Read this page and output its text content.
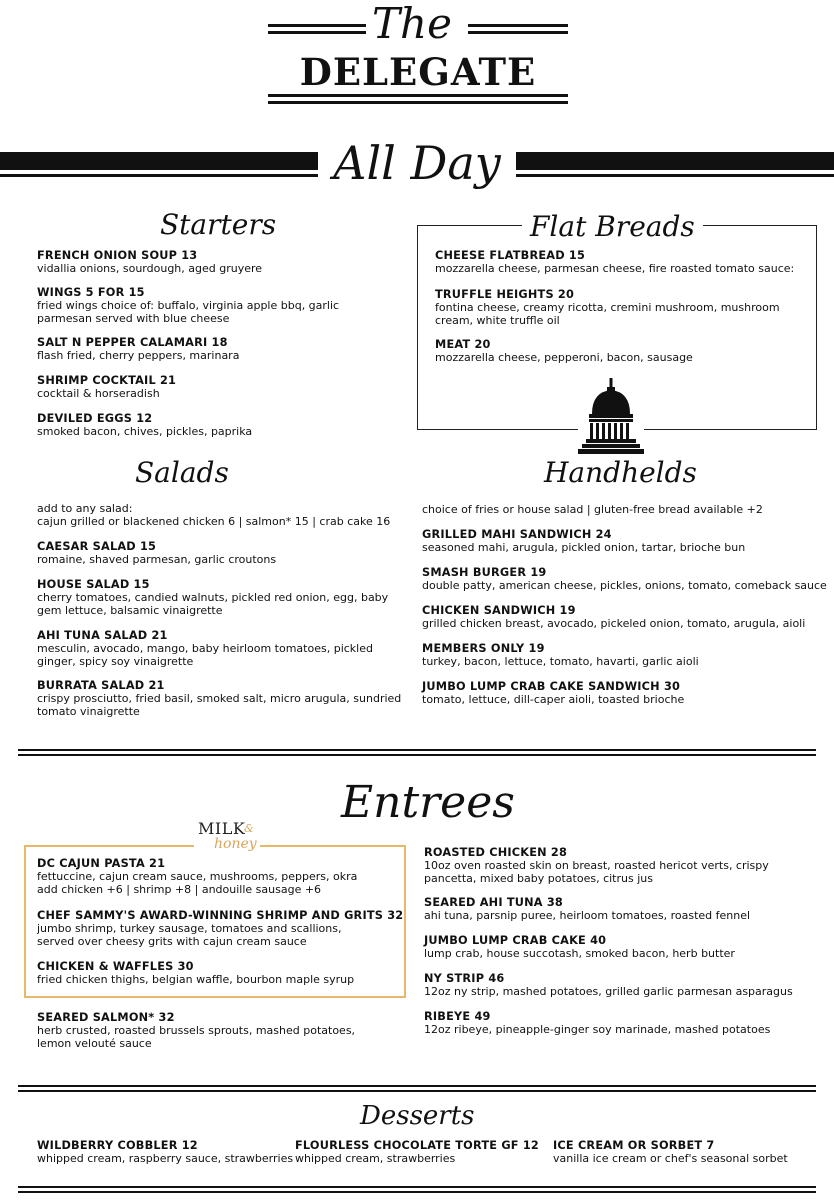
The
DELEGATE
All Day
Starters
FRENCH ONION SOUP 13
vidallia onions, sourdough, aged gruyere
WINGS 5 FOR 15
fried wings choice of: buffalo, virginia apple bbq, garlic parmesan served with blue cheese
SALT N PEPPER CALAMARI 18
flash fried, cherry peppers, marinara
SHRIMP COCKTAIL 21
cocktail & horseradish
DEVILED EGGS 12
smoked bacon, chives, pickles, paprika
Flat Breads
CHEESE FLATBREAD 15
mozzarella cheese, parmesan cheese, fire roasted tomato sauce:
TRUFFLE HEIGHTS 20
fontina cheese, creamy ricotta, cremini mushroom, mushroom cream, white truffle oil
MEAT 20
mozzarella cheese, pepperoni, bacon, sausage
Salads
add to any salad:
cajun grilled or blackened chicken 6 | salmon* 15 | crab cake 16
CAESAR SALAD 15
romaine, shaved parmesan, garlic croutons
HOUSE SALAD 15
cherry tomatoes, candied walnuts, pickled red onion, egg, baby gem lettuce, balsamic vinaigrette
AHI TUNA SALAD 21
mesculin, avocado, mango, baby heirloom tomatoes, pickled ginger, spicy soy vinaigrette
BURRATA SALAD 21
crispy prosciutto, fried basil, smoked salt, micro arugula, sundried tomato vinaigrette
Handhelds
choice of fries or house salad | gluten-free bread available +2
GRILLED MAHI SANDWICH 24
seasoned mahi, arugula, pickled onion, tartar, brioche bun
SMASH BURGER 19
double patty, american cheese, pickles, onions, tomato, comeback sauce
CHICKEN SANDWICH 19
grilled chicken breast, avocado, pickeled onion, tomato, arugula, aioli
MEMBERS ONLY 19
turkey, bacon, lettuce, tomato, havarti, garlic aioli
JUMBO LUMP CRAB CAKE SANDWICH 30
tomato, lettuce, dill-caper aioli, toasted brioche
Entrees
MILK
&
honey
DC CAJUN PASTA 21
fettuccine, cajun cream sauce, mushrooms, peppers, okra
add chicken +6 | shrimp +8 | andouille sausage +6
CHEF SAMMY'S AWARD-WINNING SHRIMP AND GRITS 32
jumbo shrimp, turkey sausage, tomatoes and scallions,
served over cheesy grits with cajun cream sauce
CHICKEN & WAFFLES 30
fried chicken thighs, belgian waffle, bourbon maple syrup
SEARED SALMON* 32
herb crusted, roasted brussels sprouts, mashed potatoes,
lemon velouté sauce
ROASTED CHICKEN 28
10oz oven roasted skin on breast, roasted hericot verts, crispy pancetta, mixed baby potatoes, citrus jus
SEARED AHI TUNA 38
ahi tuna, parsnip puree, heirloom tomatoes, roasted fennel
JUMBO LUMP CRAB CAKE 40
lump crab, house succotash, smoked bacon, herb butter
NY STRIP 46
12oz ny strip, mashed potatoes, grilled garlic parmesan asparagus
RIBEYE 49
12oz ribeye, pineapple-ginger soy marinade, mashed potatoes
Desserts
WILDBERRY COBBLER 12
whipped cream, raspberry sauce, strawberries
FLOURLESS CHOCOLATE TORTE GF 12
whipped cream, strawberries
ICE CREAM OR SORBET 7
vanilla ice cream or chef's seasonal sorbet
